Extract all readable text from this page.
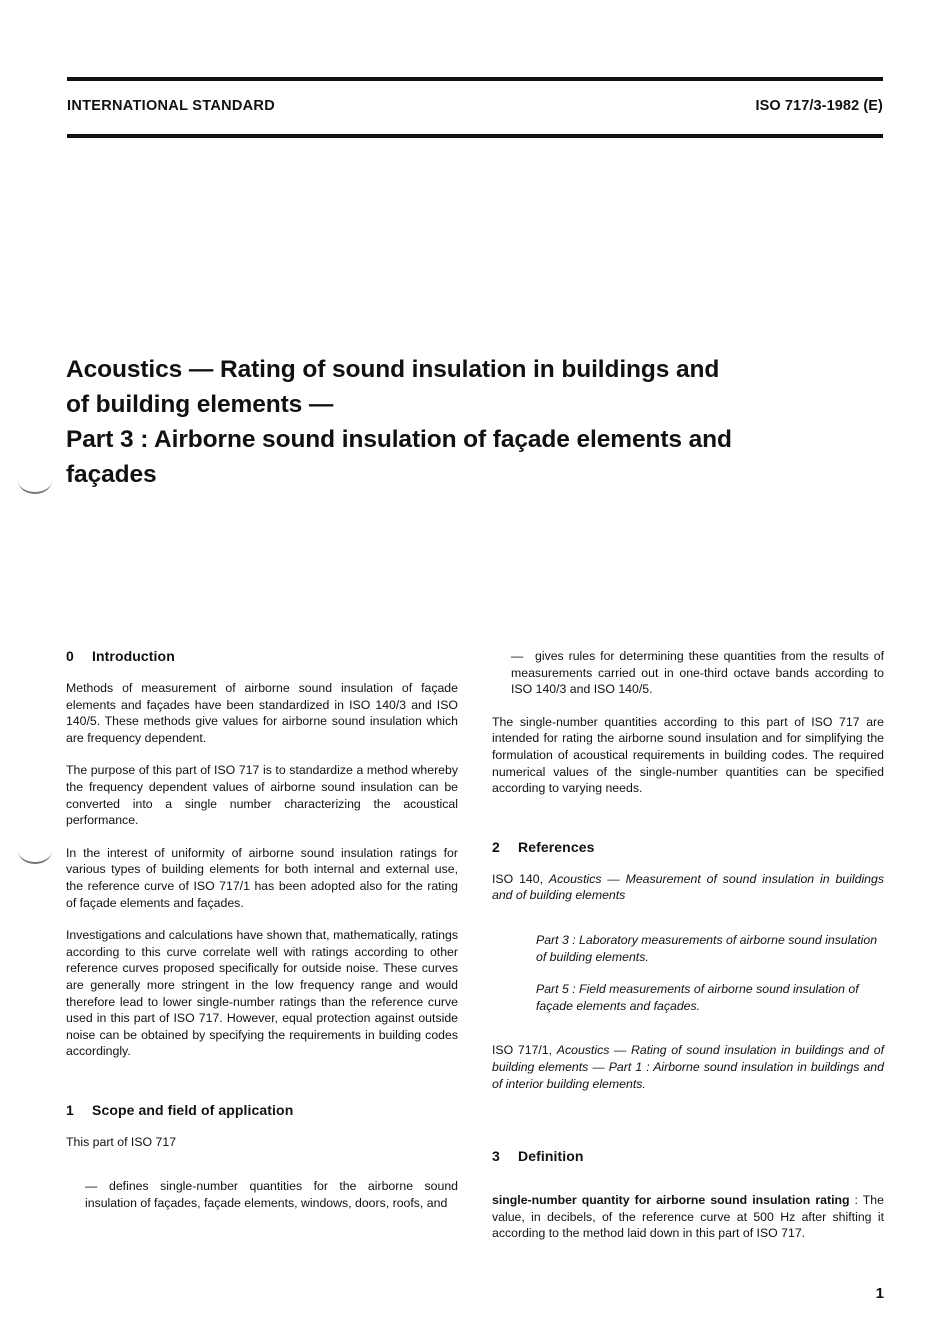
INTERNATIONAL STANDARD	ISO 717/3-1982 (E)
Acoustics — Rating of sound insulation in buildings and
of building elements —
Part 3 : Airborne sound insulation of façade elements and
façades
0 Introduction

Methods of measurement of airborne sound insulation of façade elements and façades have been standardized in ISO 140/3 and ISO 140/5. These methods give values for airborne sound insulation which are frequency dependent.

The purpose of this part of ISO 717 is to standardize a method whereby the frequency dependent values of airborne sound insulation can be converted into a single number characterizing the acoustical performance.

In the interest of uniformity of airborne sound insulation ratings for various types of building elements for both internal and external use, the reference curve of ISO 717/1 has been adopted also for the rating of façade elements and façades.

Investigations and calculations have shown that, mathematically, ratings according to this curve correlate well with ratings according to other reference curves proposed specifically for outside noise. These curves are generally more stringent in the low frequency range and would therefore lead to lower single-number ratings than the reference curve used in this part of ISO 717. However, equal protection against outside noise can be obtained by specifying the requirements in building codes accordingly.

1 Scope and field of application

This part of ISO 717

— defines single-number quantities for the airborne sound insulation of façades, façade elements, windows, doors, roofs, and

— gives rules for determining these quantities from the results of measurements carried out in one-third octave bands according to ISO 140/3 and ISO 140/5.

The single-number quantities according to this part of ISO 717 are intended for rating the airborne sound insulation and for simplifying the formulation of acoustical requirements in building codes. The required numerical values of the single-number quantities can be specified according to varying needs.

2 References

ISO 140, Acoustics — Measurement of sound insulation in buildings and of building elements

Part 3 : Laboratory measurements of airborne sound insulation of building elements.

Part 5 : Field measurements of airborne sound insulation of façade elements and façades.

ISO 717/1, Acoustics — Rating of sound insulation in buildings and of building elements — Part 1 : Airborne sound insulation in buildings and of interior building elements.

3 Definition

single-number quantity for airborne sound insulation rating : The value, in decibels, of the reference curve at 500 Hz after shifting it according to the method laid down in this part of ISO 717.

1
